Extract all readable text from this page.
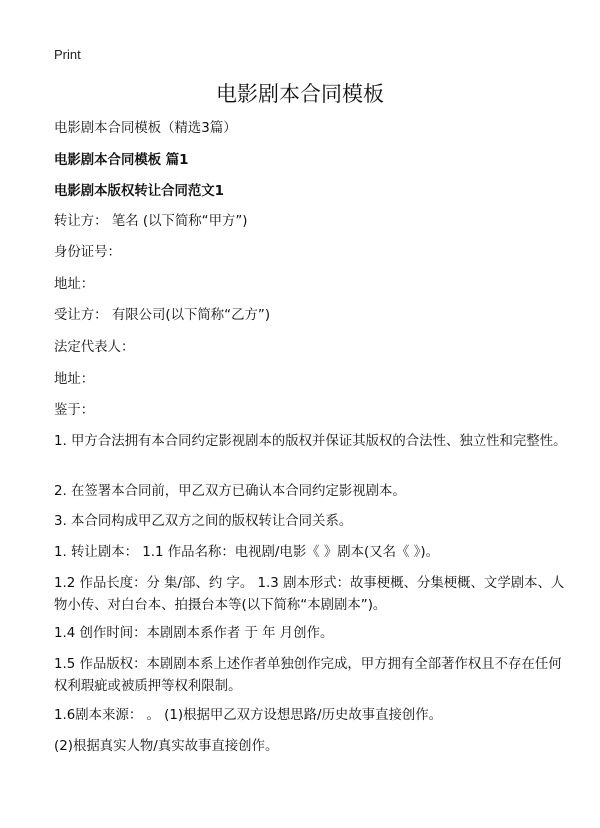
Print
电影剧本合同模板

电影剧本合同模板（精选3篇）

电影剧本合同模板 篇1

电影剧本版权转让合同范文1

转让方： 笔名 (以下简称“甲方”)

身份证号：

地址：

受让方： 有限公司(以下简称“乙方”)

法定代表人：

地址：

鉴于：

1. 甲方合法拥有本合同约定影视剧本的版权并保证其版权的合法性、独立性和完整性。

2. 在签署本合同前，甲乙双方已确认本合同约定影视剧本。

3. 本合同构成甲乙双方之间的版权转让合同关系。

1. 转让剧本： 1.1 作品名称：电视剧/电影《 》剧本(又名《 》)。

1.2 作品长度：分 集/部、约 字。 1.3 剧本形式：故事梗概、分集梗概、文学剧本、人物小传、对白台本、拍摄台本等(以下简称“本剧剧本”)。

1.4 创作时间：本剧剧本系作者 于 年 月创作。

1.5 作品版权：本剧剧本系上述作者单独创作完成，甲方拥有全部著作权且不存在任何权利瑕疵或被质押等权利限制。

1.6剧本来源： 。 (1)根据甲乙双方设想思路/历史故事直接创作。

(2)根据真实人物/真实故事直接创作。
